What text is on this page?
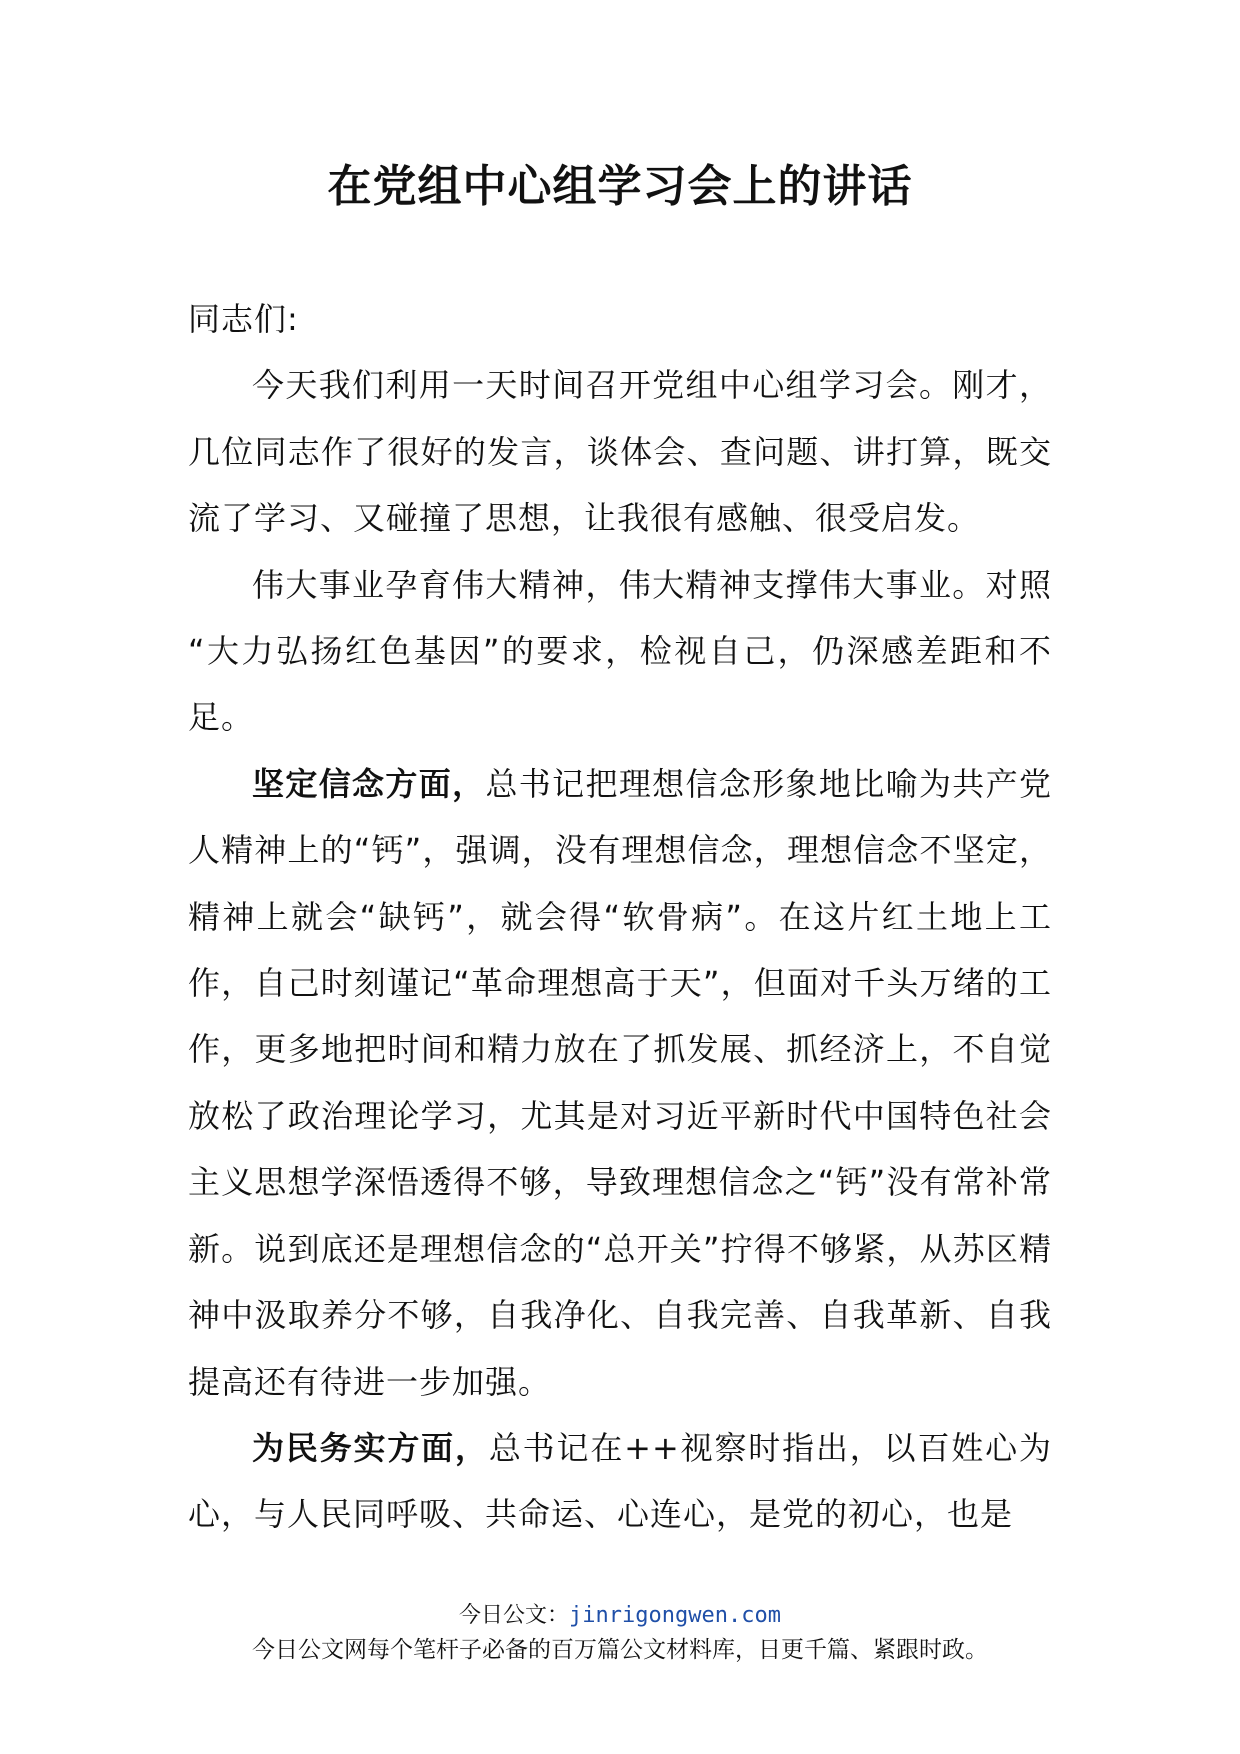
在党组中心组学习会上的讲话

同志们:

今天我们利用一天时间召开党组中心组学习会。刚才，几位同志作了很好的发言，谈体会、查问题、讲打算，既交流了学习、又碰撞了思想，让我很有感触、很受启发。

伟大事业孕育伟大精神，伟大精神支撑伟大事业。对照 “大力弘扬红色基因”的要求，检视自己，仍深感差距和不足。

坚定信念方面，总书记把理想信念形象地比喻为共产党人精神上的“钙”，强调，没有理想信念，理想信念不坚定，精神上就会“缺钙”，就会得“软骨病”。在这片红土地上工作，自己时刻谨记“革命理想高于天”，但面对千头万绪的工作，更多地把时间和精力放在了抓发展、抓经济上，不自觉放松了政治理论学习，尤其是对习近平新时代中国特色社会主义思想学深悟透得不够，导致理想信念之“钙”没有常补常新。说到底还是理想信念的“总开关”拧得不够紧，从苏区精神中汲取养分不够，自我净化、自我完善、自我革新、自我提高还有待进一步加强。

为民务实方面，总书记在++视察时指出，以百姓心为心，与人民同呼吸、共命运、心连心，是党的初心，也是

今日公文：jinrigongwen.com
今日公文网每个笔杆子必备的百万篇公文材料库，日更千篇、紧跟时政。
